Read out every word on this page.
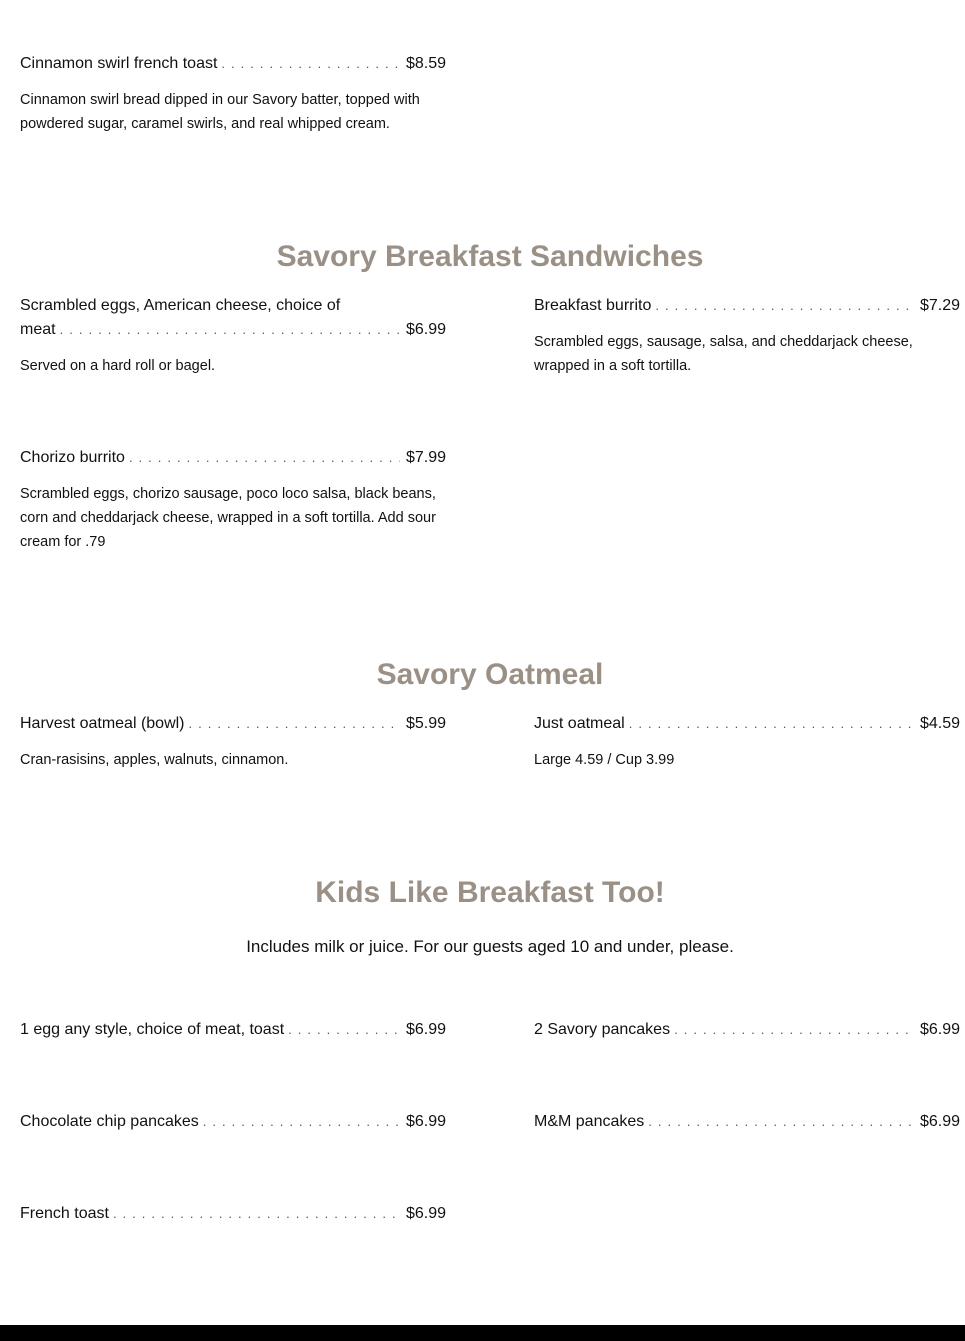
Cinnamon swirl french toast . . .	$8.59
Cinnamon swirl bread dipped in our Savory batter, topped with powdered sugar, caramel swirls, and real whipped cream.
Savory Breakfast Sandwiches
Scrambled eggs, American cheese, choice of
meat . . .	$6.99
Served on a hard roll or bagel.
Breakfast burrito . . .	$7.29
Scrambled eggs, sausage, salsa, and cheddarjack cheese, wrapped in a soft tortilla.
Chorizo burrito . . .	$7.99
Scrambled eggs, chorizo sausage, poco loco salsa, black beans, corn and cheddarjack cheese, wrapped in a soft tortilla. Add sour cream for .79
Savory Oatmeal
Harvest oatmeal (bowl) . . .	$5.99
Cran-rasisins, apples, walnuts, cinnamon.
Just oatmeal . . .	$4.59
Large 4.59 / Cup 3.99
Kids Like Breakfast Too!
Includes milk or juice. For our guests aged 10 and under, please.
1 egg any style, choice of meat, toast . . .	$6.99	2 Savory pancakes . . .	$6.99
Chocolate chip pancakes . . .	$6.99	M&M pancakes . . .	$6.99
French toast . . .	$6.99
